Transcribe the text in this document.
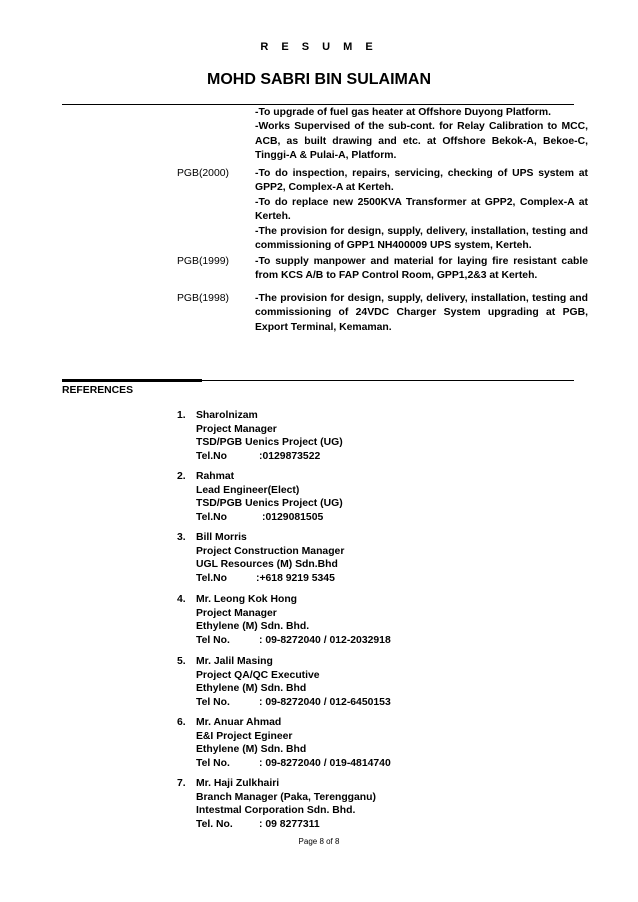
R E S U M E
MOHD SABRI BIN SULAIMAN

-To upgrade of fuel gas heater at Offshore Duyong Platform.

-Works Supervised of the sub-cont. for Relay Calibration to MCC, ACB, as built drawing and etc. at Offshore Bekok-A, Bekoe-C, Tinggi-A & Pulai-A, Platform.

PGB(2000)	-To do inspection, repairs, servicing, checking of UPS system at GPP2, Complex-A at Kerteh.

-To do replace new 2500KVA Transformer at GPP2, Complex-A at Kerteh.

-The provision for design, supply, delivery, installation, testing and commissioning of GPP1 NH400009 UPS system, Kerteh.

PGB(1999)	-To supply manpower and material for laying fire resistant cable from KCS A/B to FAP Control Room, GPP1,2&3 at Kerteh.

PGB(1998)	-The provision for design, supply, delivery, installation, testing and commissioning of 24VDC Charger System upgrading at PGB, Export Terminal, Kemaman.

REFERENCES
1. Sharolnizam
Project Manager
TSD/PGB Uenics Project (UG)
Tel.No	:0129873522
2. Rahmat
Lead Engineer(Elect)
TSD/PGB Uenics Project (UG)
Tel.No	:0129081505
3. Bill Morris
Project Construction Manager
UGL Resources (M) Sdn.Bhd
Tel.No	:+618 9219 5345
4. Mr. Leong Kok Hong
Project Manager
Ethylene (M) Sdn. Bhd.
Tel No.	: 09-8272040 / 012-2032918
5. Mr. Jalil Masing
Project QA/QC Executive
Ethylene (M) Sdn. Bhd
Tel No.	: 09-8272040 / 012-6450153
6. Mr. Anuar Ahmad
E&I Project Egineer
Ethylene (M) Sdn. Bhd
Tel No.	: 09-8272040 / 019-4814740
7. Mr. Haji Zulkhairi
Branch Manager (Paka, Terengganu)
Intestmal Corporation Sdn. Bhd.
Tel. No.	: 09 8277311
Page 8 of 8
